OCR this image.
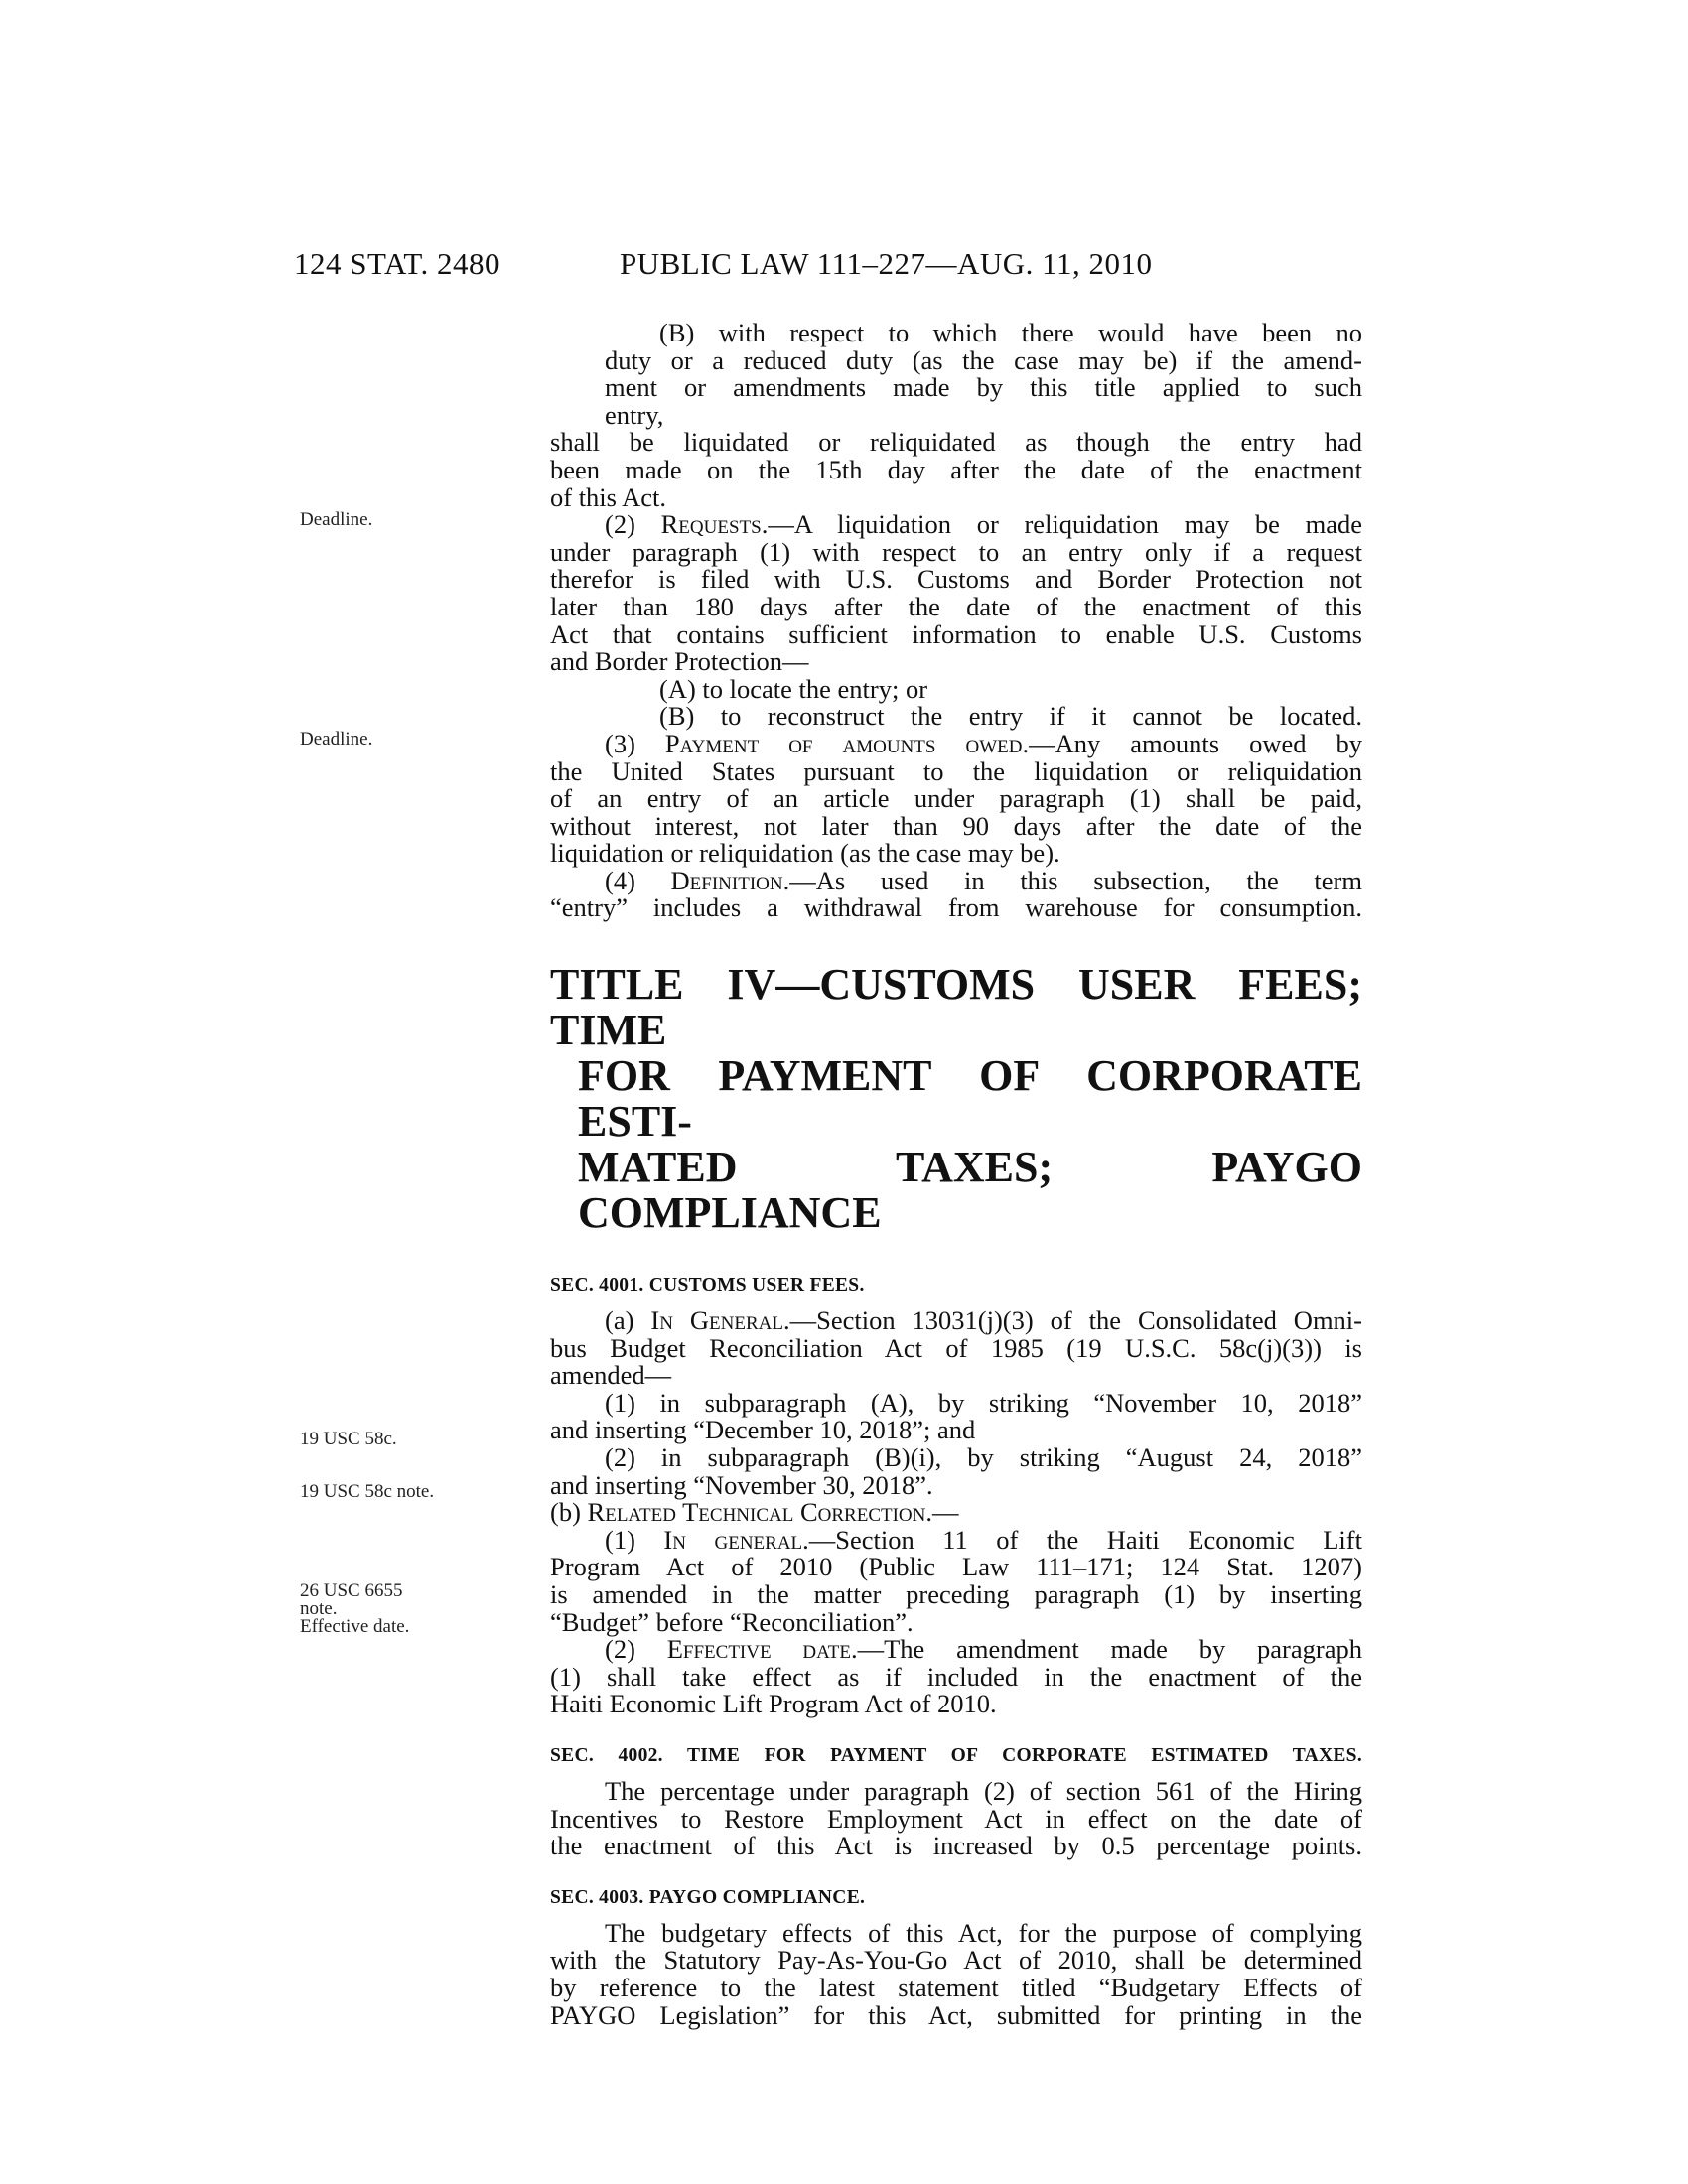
124 STAT. 2480	PUBLIC LAW 111–227—AUG. 11, 2010
Deadline.
Deadline.
19 USC 58c.
19 USC 58c note.
26 USC 6655
note.
Effective date.

(B) with respect to which there would have been no

duty or a reduced duty (as the case may be) if the amend-

ment or amendments made by this title applied to such

entry,

shall be liquidated or reliquidated as though the entry had

been made on the 15th day after the date of the enactment

of this Act.

(2) Requests.—A liquidation or reliquidation may be made

under paragraph (1) with respect to an entry only if a request

therefor is filed with U.S. Customs and Border Protection not

later than 180 days after the date of the enactment of this

Act that contains sufficient information to enable U.S. Customs

and Border Protection—

(A) to locate the entry; or

(B) to reconstruct the entry if it cannot be located.

(3) Payment of amounts owed.—Any amounts owed by

the United States pursuant to the liquidation or reliquidation

of an entry of an article under paragraph (1) shall be paid,

without interest, not later than 90 days after the date of the

liquidation or reliquidation (as the case may be).

(4) Definition.—As used in this subsection, the term

“entry” includes a withdrawal from warehouse for consumption.

TITLE IV—CUSTOMS USER FEES; TIME
FOR PAYMENT OF CORPORATE ESTI-
MATED TAXES; PAYGO COMPLIANCE

SEC. 4001. CUSTOMS USER FEES.

(a) In General.—Section 13031(j)(3) of the Consolidated Omni-

bus Budget Reconciliation Act of 1985 (19 U.S.C. 58c(j)(3)) is

amended—

(1) in subparagraph (A), by striking “November 10, 2018”

and inserting “December 10, 2018”; and

(2) in subparagraph (B)(i), by striking “August 24, 2018”

and inserting “November 30, 2018”.

(b) Related Technical Correction.—

(1) In general.—Section 11 of the Haiti Economic Lift

Program Act of 2010 (Public Law 111–171; 124 Stat. 1207)

is amended in the matter preceding paragraph (1) by inserting

“Budget” before “Reconciliation”.

(2) Effective date.—The amendment made by paragraph

(1) shall take effect as if included in the enactment of the

Haiti Economic Lift Program Act of 2010.

SEC. 4002. TIME FOR PAYMENT OF CORPORATE ESTIMATED TAXES.

The percentage under paragraph (2) of section 561 of the Hiring

Incentives to Restore Employment Act in effect on the date of

the enactment of this Act is increased by 0.5 percentage points.

SEC. 4003. PAYGO COMPLIANCE.

The budgetary effects of this Act, for the purpose of complying

with the Statutory Pay-As-You-Go Act of 2010, shall be determined

by reference to the latest statement titled “Budgetary Effects of

PAYGO Legislation” for this Act, submitted for printing in the
